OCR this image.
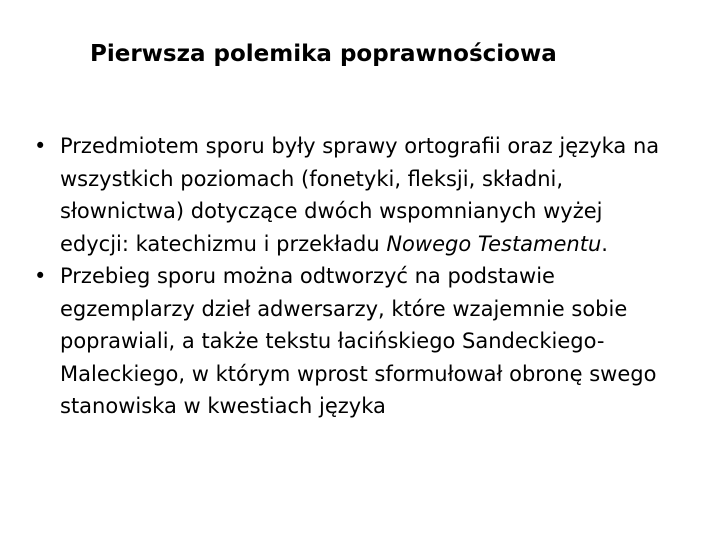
Pierwsza polemika poprawnościowa
• Przedmiotem sporu były sprawy ortografii oraz języka na wszystkich poziomach (fonetyki, fleksji, składni, słownictwa) dotyczące dwóch wspomnianych wyżej edycji: katechizmu i przekładu Nowego Testamentu.
• Przebieg sporu można odtworzyć na podstawie egzemplarzy dzieł adwersarzy, które wzajemnie sobie poprawiali, a także tekstu łacińskiego Sandeckiego-Maleckiego, w którym wprost sformułował obronę swego stanowiska w kwestiach języka
